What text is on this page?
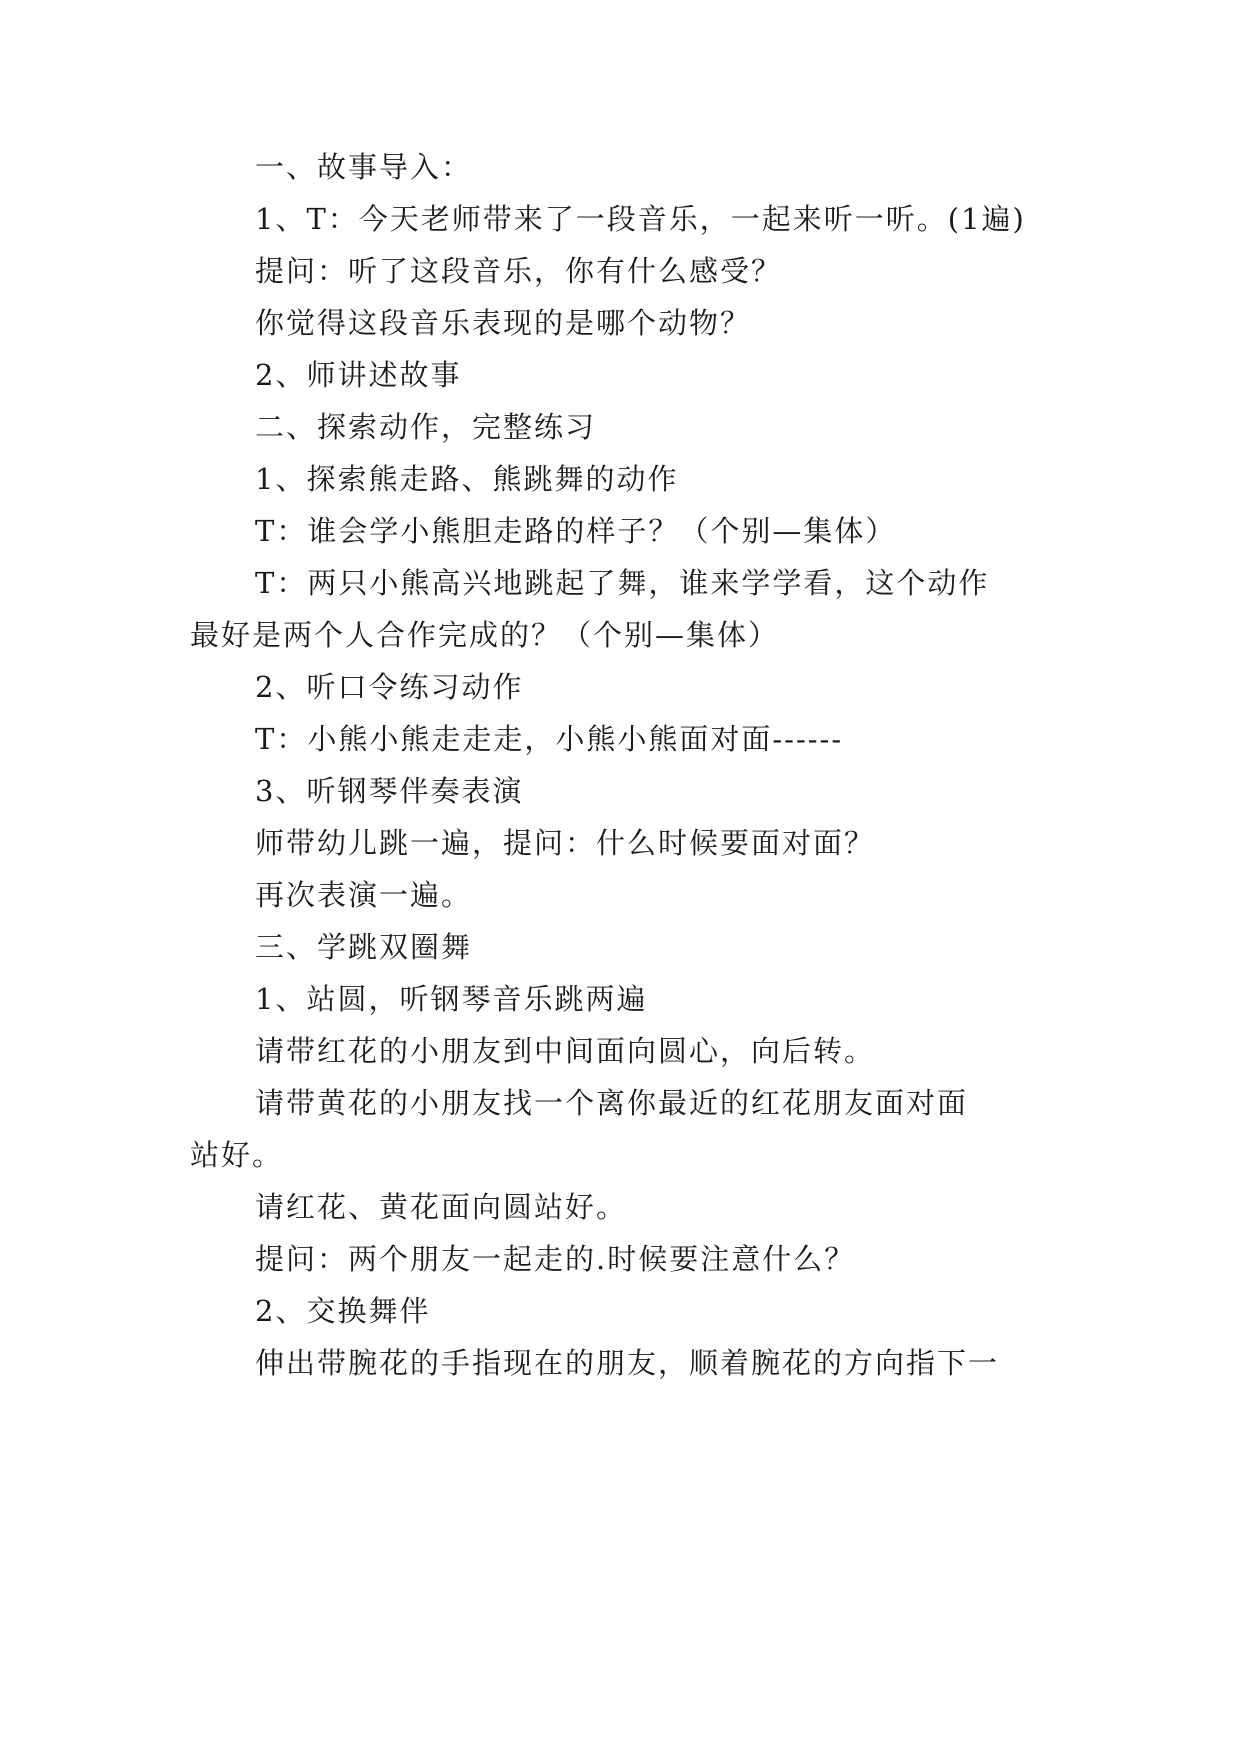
一、故事导入：

1、T：今天老师带来了一段音乐，一起来听一听。(1遍)

提问：听了这段音乐，你有什么感受？

你觉得这段音乐表现的是哪个动物？

2、师讲述故事

二、探索动作，完整练习

1、探索熊走路、熊跳舞的动作

T：谁会学小熊胆走路的样子？（个别—集体）

T：两只小熊高兴地跳起了舞，谁来学学看，这个动作

最好是两个人合作完成的？（个别—集体）

2、听口令练习动作

T：小熊小熊走走走，小熊小熊面对面------

3、听钢琴伴奏表演

师带幼儿跳一遍，提问：什么时候要面对面？

再次表演一遍。

三、学跳双圈舞

1、站圆，听钢琴音乐跳两遍

请带红花的小朋友到中间面向圆心，向后转。

请带黄花的小朋友找一个离你最近的红花朋友面对面

站好。

请红花、黄花面向圆站好。

提问：两个朋友一起走的.时候要注意什么？

2、交换舞伴

伸出带腕花的手指现在的朋友，顺着腕花的方向指下一
